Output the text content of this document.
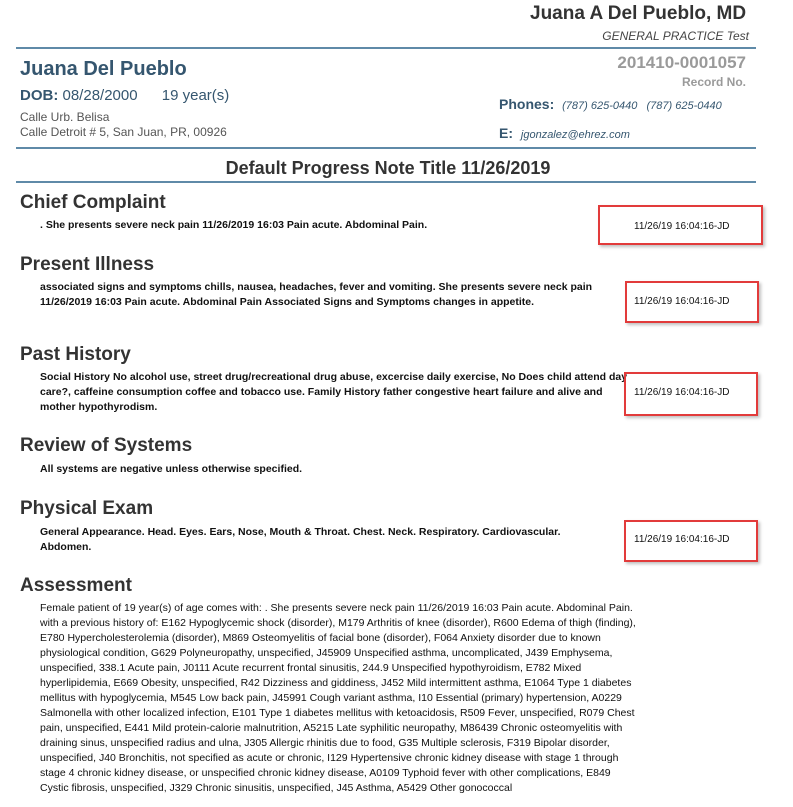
Juana A Del Pueblo, MD
GENERAL PRACTICE Test
Juana Del Pueblo
DOB: 08/28/2000 19 year(s)
Calle Urb. Belisa
Calle Detroit # 5, San Juan, PR, 00926
201410-0001057
Record No.
Phones: (787) 625-0440   (787) 625-0440
E: jgonzalez@ehrez.com
Default Progress Note Title 11/26/2019
Chief Complaint
. She presents severe neck pain 11/26/2019 16:03 Pain acute. Abdominal Pain.	11/26/19 16:04:16-JD
Present Illness
associated signs and symptoms chills, nausea, headaches, fever and vomiting. She presents severe neck pain 11/26/2019 16:03 Pain acute. Abdominal Pain Associated Signs and Symptoms changes in appetite.	11/26/19 16:04:16-JD
Past History
Social History No alcohol use, street drug/recreational drug abuse, excercise daily exercise, No Does child attend day care?, caffeine consumption coffee and tobacco use. Family History father congestive heart failure and alive and mother hypothyrodism.
11/26/19 16:04:16-JD
Review of Systems
All systems are negative unless otherwise specified.
Physical Exam
General Appearance. Head. Eyes. Ears, Nose, Mouth & Throat. Chest. Neck. Respiratory. Cardiovascular. Abdomen.
11/26/19 16:04:16-JD
Assessment
Female patient of 19 year(s) of age comes with: . She presents severe neck pain 11/26/2019 16:03 Pain acute. Abdominal Pain. with a previous history of: E162 Hypoglycemic shock (disorder), M179 Arthritis of knee (disorder), R600 Edema of thigh (finding), E780 Hypercholesterolemia (disorder), M869 Osteomyelitis of facial bone (disorder), F064 Anxiety disorder due to known physiological condition, G629 Polyneuropathy, unspecified, J45909 Unspecified asthma, uncomplicated, J439 Emphysema, unspecified, 338.1 Acute pain, J0111 Acute recurrent frontal sinusitis, 244.9 Unspecified hypothyroidism, E782 Mixed hyperlipidemia, E669 Obesity, unspecified, R42 Dizziness and giddiness, J452 Mild intermittent asthma, E1064 Type 1 diabetes mellitus with hypoglycemia, M545 Low back pain, J45991 Cough variant asthma, I10 Essential (primary) hypertension, A0229 Salmonella with other localized infection, E101 Type 1 diabetes mellitus with ketoacidosis, R509 Fever, unspecified, R079 Chest pain, unspecified, E441 Mild protein-calorie malnutrition, A5215 Late syphilitic neuropathy, M86439 Chronic osteomyelitis with draining sinus, unspecified radius and ulna, J305 Allergic rhinitis due to food, G35 Multiple sclerosis, F319 Bipolar disorder, unspecified, J40 Bronchitis, not specified as acute or chronic, I129 Hypertensive chronic kidney disease with stage 1 through stage 4 chronic kidney disease, or unspecified chronic kidney disease, A0109 Typhoid fever with other complications, E849 Cystic fibrosis, unspecified, J329 Chronic sinusitis, unspecified, J45 Asthma, A5429 Other gonococcal
